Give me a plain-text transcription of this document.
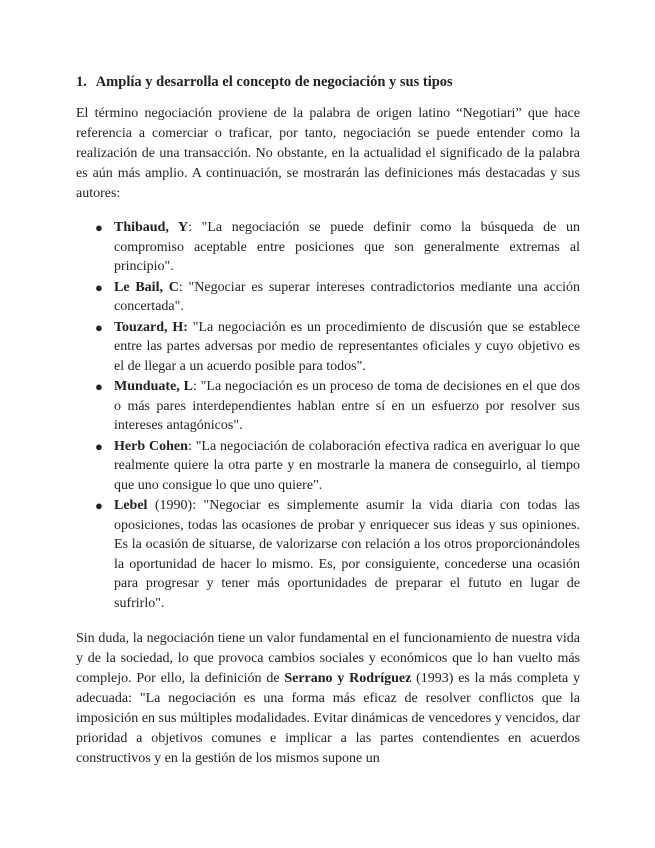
1. Amplía y desarrolla el concepto de negociación y sus tipos

El término negociación proviene de la palabra de origen latino “Negotiari” que hace referencia a comerciar o traficar, por tanto, negociación se puede entender como la realización de una transacción. No obstante, en la actualidad el significado de la palabra es aún más amplio. A continuación, se mostrarán las definiciones más destacadas y sus autores:

● Thibaud, Y: "La negociación se puede definir como la búsqueda de un compromiso aceptable entre posiciones que son generalmente extremas al principio".
● Le Bail, C: "Negociar es superar intereses contradictorios mediante una acción concertada".
● Touzard, H: "La negociación es un procedimiento de discusión que se establece entre las partes adversas por medio de representantes oficiales y cuyo objetivo es el de llegar a un acuerdo posible para todos".
● Munduate, L: "La negociación es un proceso de toma de decisiones en el que dos o más pares interdependientes hablan entre sí en un esfuerzo por resolver sus intereses antagónicos".
● Herb Cohen: "La negociación de colaboración efectiva radica en averiguar lo que realmente quiere la otra parte y en mostrarle la manera de conseguirlo, al tiempo que uno consigue lo que uno quiere".
● Lebel (1990): "Negociar es simplemente asumir la vida diaria con todas las oposiciones, todas las ocasiones de probar y enriquecer sus ideas y sus opiniones. Es la ocasión de situarse, de valorizarse con relación a los otros proporcionándoles la oportunidad de hacer lo mismo. Es, por consiguiente, concederse una ocasión para progresar y tener más oportunidades de preparar el fututo en lugar de sufrirlo".

Sin duda, la negociación tiene un valor fundamental en el funcionamiento de nuestra vida y de la sociedad, lo que provoca cambios sociales y económicos que lo han vuelto más complejo. Por ello, la definición de Serrano y Rodríguez (1993) es la más completa y adecuada: "La negociación es una forma más eficaz de resolver conflictos que la imposición en sus múltiples modalidades. Evitar dinámicas de vencedores y vencidos, dar prioridad a objetivos comunes e implicar a las partes contendientes en acuerdos constructivos y en la gestión de los mismos supone un
